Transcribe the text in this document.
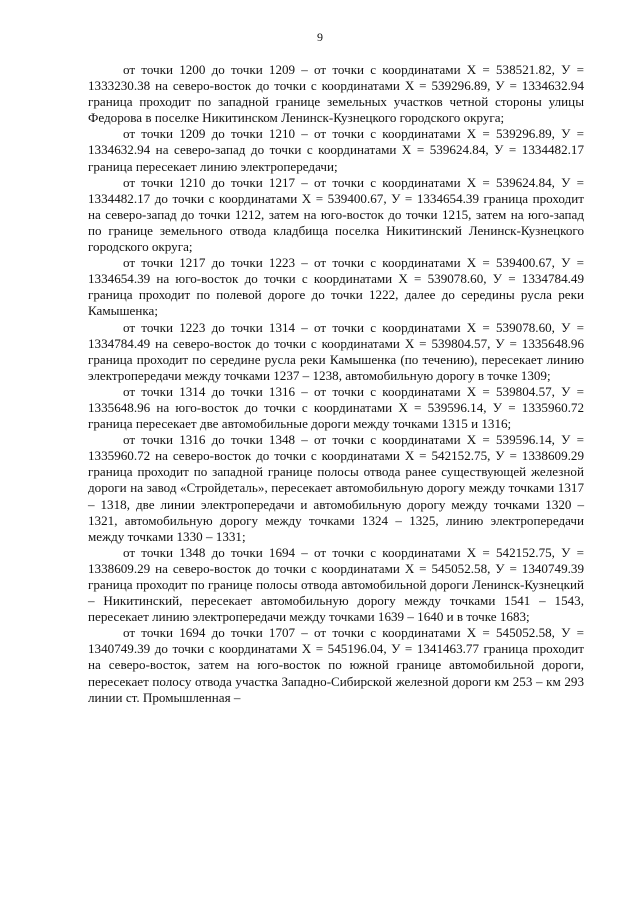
9

от точки 1200 до точки 1209 – от точки с координатами Х = 538521.82, У = 1333230.38 на северо-восток до точки с координатами Х = 539296.89, У = 1334632.94 граница проходит по западной границе земельных участков четной стороны улицы Федорова в поселке Никитинском Ленинск-Кузнецкого городского округа;

от точки 1209 до точки 1210 – от точки с координатами Х = 539296.89, У = 1334632.94 на северо-запад до точки с координатами Х = 539624.84, У = 1334482.17 граница пересекает линию электропередачи;

от точки 1210 до точки 1217 – от точки с координатами Х = 539624.84, У = 1334482.17 до точки с координатами Х = 539400.67, У = 1334654.39 граница проходит на северо-запад до точки 1212, затем на юго-восток до точки 1215, затем на юго-запад по границе земельного отвода кладбища поселка Никитинский Ленинск-Кузнецкого городского округа;

от точки 1217 до точки 1223 – от точки с координатами Х = 539400.67, У = 1334654.39 на юго-восток до точки с координатами Х = 539078.60, У = 1334784.49 граница проходит по полевой дороге до точки 1222, далее до середины русла реки Камышенка;

от точки 1223 до точки 1314 – от точки с координатами Х = 539078.60, У = 1334784.49 на северо-восток до точки с координатами Х = 539804.57, У = 1335648.96 граница проходит по середине русла реки Камышенка (по течению), пересекает линию электропередачи между точками 1237 – 1238, автомобильную дорогу в точке 1309;

от точки 1314 до точки 1316 – от точки с координатами Х = 539804.57, У = 1335648.96 на юго-восток до точки с координатами Х = 539596.14, У = 1335960.72 граница пересекает две автомобильные дороги между точками 1315 и 1316;

от точки 1316 до точки 1348 – от точки с координатами Х = 539596.14, У = 1335960.72 на северо-восток до точки с координатами Х = 542152.75, У = 1338609.29 граница проходит по западной границе полосы отвода ранее существующей железной дороги на завод «Стройдеталь», пересекает автомобильную дорогу между точками 1317 – 1318, две линии электропередачи и автомобильную дорогу между точками 1320 – 1321, автомобильную дорогу между точками 1324 – 1325, линию электропередачи между точками 1330 – 1331;

от точки 1348 до точки 1694 – от точки с координатами Х = 542152.75, У = 1338609.29 на северо-восток до точки с координатами Х = 545052.58, У = 1340749.39 граница проходит по границе полосы отвода автомобильной дороги Ленинск-Кузнецкий – Никитинский, пересекает автомобильную дорогу между точками 1541 – 1543, пересекает линию электропередачи между точками 1639 – 1640 и в точке 1683;

от точки 1694 до точки 1707 – от точки с координатами Х = 545052.58, У = 1340749.39 до точки с координатами Х = 545196.04, У = 1341463.77 граница проходит на северо-восток, затем на юго-восток по южной границе автомобильной дороги, пересекает полосу отвода участка Западно-Сибирской железной дороги км 253 – км 293 линии ст. Промышленная –
